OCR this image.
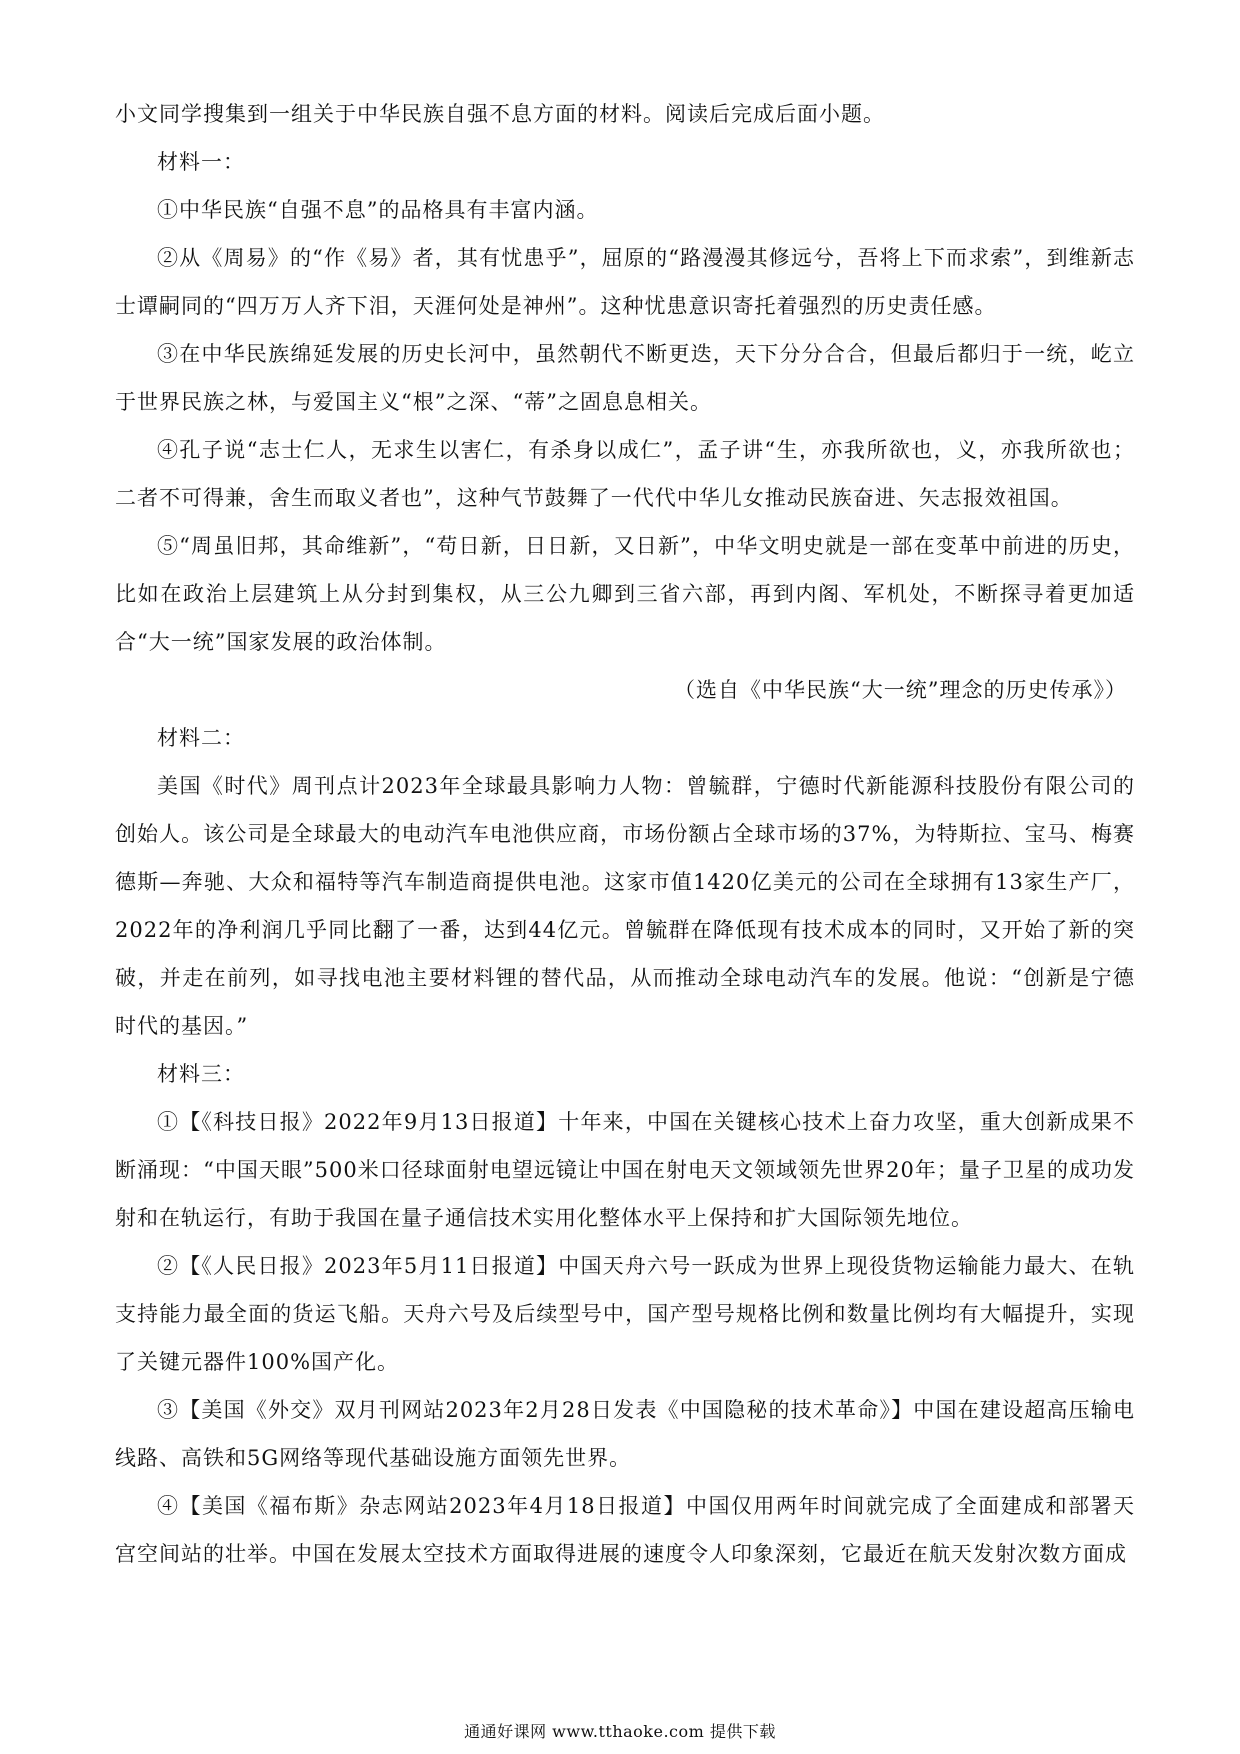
小文同学搜集到一组关于中华民族自强不息方面的材料。阅读后完成后面小题。

材料一：

①中华民族“自强不息”的品格具有丰富内涵。

②从《周易》的“作《易》者，其有忧患乎”，屈原的“路漫漫其修远兮，吾将上下而求索”，到维新志士谭嗣同的“四万万人齐下泪，天涯何处是神州”。这种忧患意识寄托着强烈的历史责任感。

③在中华民族绵延发展的历史长河中，虽然朝代不断更迭，天下分分合合，但最后都归于一统，屹立于世界民族之林，与爱国主义“根”之深、“蒂”之固息息相关。

④孔子说“志士仁人，无求生以害仁，有杀身以成仁”，孟子讲“生，亦我所欲也，义，亦我所欲也；二者不可得兼，舍生而取义者也”，这种气节鼓舞了一代代中华儿女推动民族奋进、矢志报效祖国。

⑤“周虽旧邦，其命维新”，“苟日新，日日新，又日新”，中华文明史就是一部在变革中前进的历史，比如在政治上层建筑上从分封到集权，从三公九卿到三省六部，再到内阁、军机处，不断探寻着更加适合“大一统”国家发展的政治体制。

（选自《中华民族“大一统”理念的历史传承》）

材料二：

美国《时代》周刊点计2023年全球最具影响力人物：曾毓群，宁德时代新能源科技股份有限公司的创始人。该公司是全球最大的电动汽车电池供应商，市场份额占全球市场的37%，为特斯拉、宝马、梅赛德斯—奔驰、大众和福特等汽车制造商提供电池。这家市值1420亿美元的公司在全球拥有13家生产厂，2022年的净利润几乎同比翻了一番，达到44亿元。曾毓群在降低现有技术成本的同时，又开始了新的突破，并走在前列，如寻找电池主要材料锂的替代品，从而推动全球电动汽车的发展。他说：“创新是宁德时代的基因。”

材料三：

①【《科技日报》2022年9月13日报道】十年来，中国在关键核心技术上奋力攻坚，重大创新成果不断涌现：“中国天眼”500米口径球面射电望远镜让中国在射电天文领域领先世界20年；量子卫星的成功发射和在轨运行，有助于我国在量子通信技术实用化整体水平上保持和扩大国际领先地位。

②【《人民日报》2023年5月11日报道】中国天舟六号一跃成为世界上现役货物运输能力最大、在轨支持能力最全面的货运飞船。天舟六号及后续型号中，国产型号规格比例和数量比例均有大幅提升，实现了关键元器件100%国产化。

③【美国《外交》双月刊网站2023年2月28日发表《中国隐秘的技术革命》】中国在建设超高压输电线路、高铁和5G网络等现代基础设施方面领先世界。

④【美国《福布斯》杂志网站2023年4月18日报道】中国仅用两年时间就完成了全面建成和部署天宫空间站的壮举。中国在发展太空技术方面取得进展的速度令人印象深刻，它最近在航天发射次数方面成

通通好课网 www.tthaoke.com 提供下载
